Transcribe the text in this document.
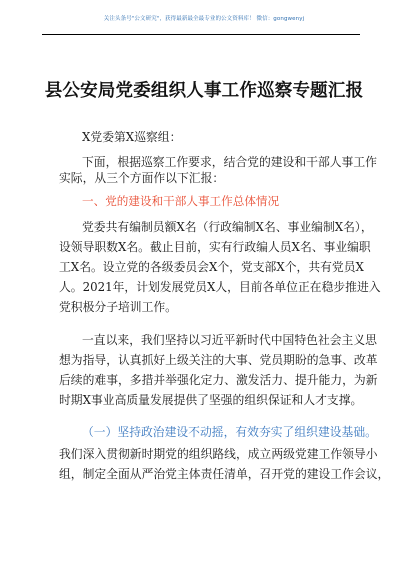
关注头条号"公文研究"，获得最新最全最专业的公文资料库！ 微信：gongwenyj
县公安局党委组织人事工作巡察专题汇报
X党委第X巡察组：
下面，根据巡察工作要求，结合党的建设和干部人事工作
实际，从三个方面作以下汇报：
一、党的建设和干部人事工作总体情况
党委共有编制员额X名（行政编制X名、事业编制X名），
设领导职数X名。截止目前，实有行政编人员X名、事业编职
工X名。设立党的各级委员会X个，党支部X个，共有党员X
人。2021年，计划发展党员X人，目前各单位正在稳步推进入
党积极分子培训工作。
一直以来，我们坚持以习近平新时代中国特色社会主义思
想为指导，认真抓好上级关注的大事、党员期盼的急事、改革
后续的难事，多措并举强化定力、激发活力、提升能力，为新
时期X事业高质量发展提供了坚强的组织保证和人才支撑。
（一）坚持政治建设不动摇，有效夯实了组织建设基础。
我们深入贯彻新时期党的组织路线，成立两级党建工作领导小
组，制定全面从严治党主体责任清单，召开党的建设工作会议，
